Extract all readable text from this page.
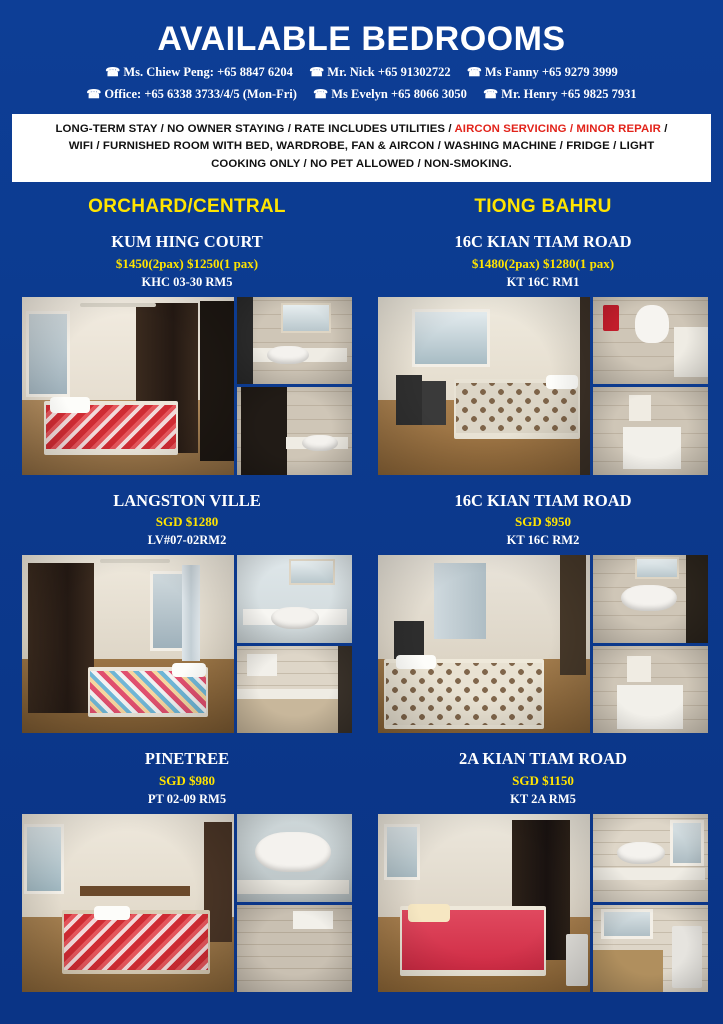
AVAILABLE BEDROOMS
☎ Ms. Chiew Peng: +65 8847 6204 ☎ Mr. Nick +65 91302722 ☎ Ms Fanny +65 9279 3999
☎ Office: +65 6338 3733/4/5 (Mon-Fri) ☎ Ms Evelyn +65 8066 3050 ☎ Mr. Henry +65 9825 7931
LONG-TERM STAY / NO OWNER STAYING / RATE INCLUDES UTILITIES / AIRCON SERVICING / MINOR REPAIR /
WIFI / FURNISHED ROOM WITH BED, WARDROBE, FAN & AIRCON / WASHING MACHINE / FRIDGE / LIGHT
COOKING ONLY / NO PET ALLOWED / NON-SMOKING.
ORCHARD/CENTRAL
KUM HING COURT
$1450(2pax) $1250(1 pax)
KHC 03-30 RM5
LANGSTON VILLE
SGD $1280
LV#07-02RM2
PINETREE
SGD $980
PT 02-09 RM5
TIONG BAHRU
16C KIAN TIAM ROAD
$1480(2pax) $1280(1 pax)
KT 16C RM1
16C KIAN TIAM ROAD
SGD $950
KT 16C RM2
2A KIAN TIAM ROAD
SGD $1150
KT 2A RM5
